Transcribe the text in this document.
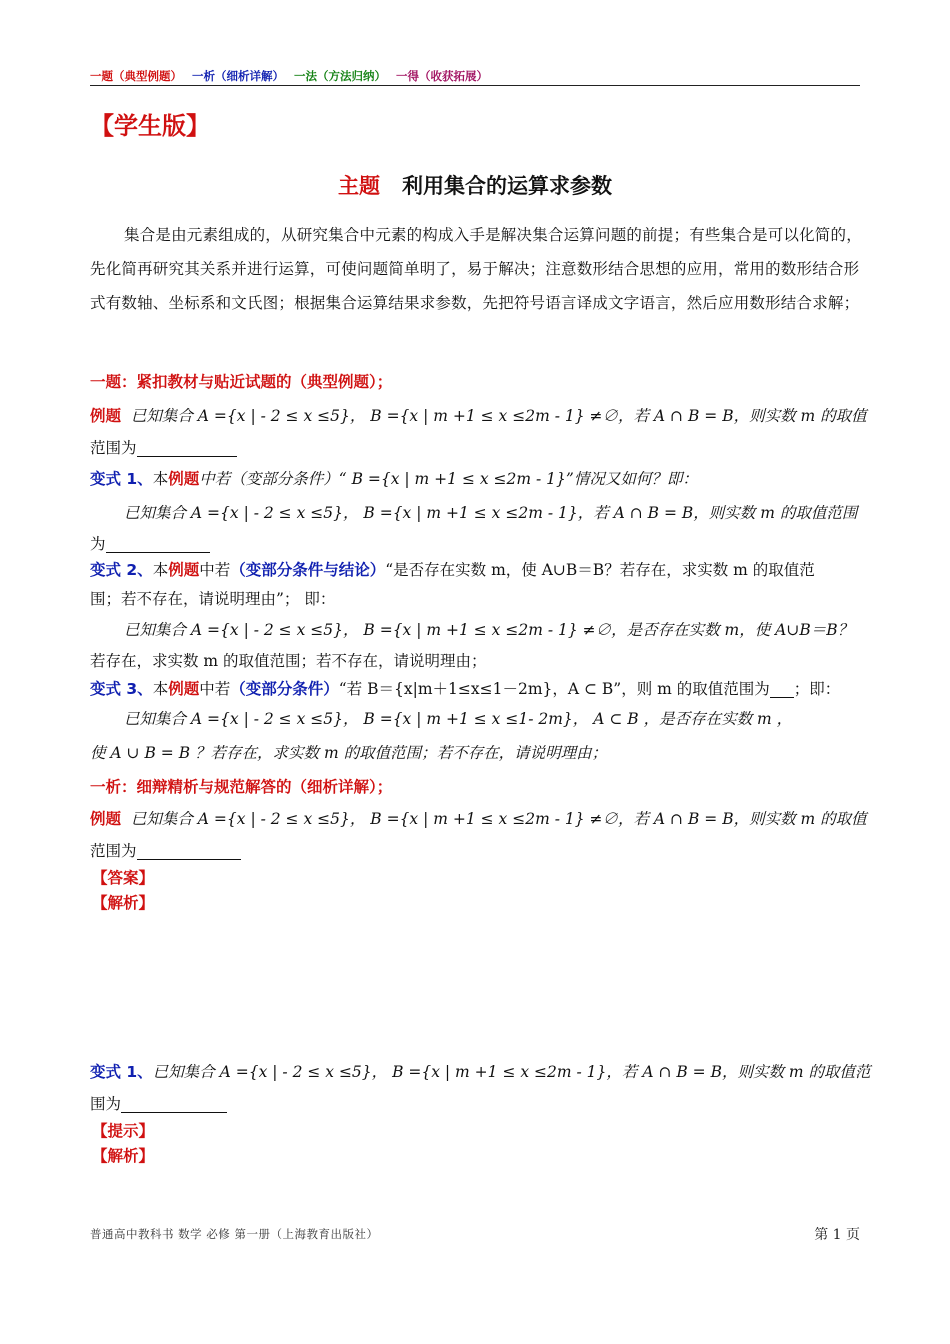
一题（典型例题） 一析（细析详解） 一法（方法归纳） 一得（收获拓展）
【学生版】
主题 利用集合的运算求参数
集合是由元素组成的，从研究集合中元素的构成入手是解决集合运算问题的前提；有些集合是可以化简的，先化简再研究其关系并进行运算，可使问题简单明了，易于解决；注意数形结合思想的应用，常用的数形结合形式有数轴、坐标系和文氏图；根据集合运算结果求参数，先把符号语言译成文字语言，然后应用数形结合求解；
一题：紧扣教材与贴近试题的（典型例题）；
例题 已知集合 A ={x | - 2 ≤ x ≤5}， B ={x | m +1 ≤ x ≤2m - 1} ≠∅，若 A ∩ B = B，则实数 m 的取值
范围为
变式 1、本例题中若（变部分条件）“ B ={x | m +1 ≤ x ≤2m - 1}”情况又如何？即：
已知集合 A ={x | - 2 ≤ x ≤5}， B ={x | m +1 ≤ x ≤2m - 1}，若 A ∩ B = B，则实数 m 的取值范围
为
变式 2、本例题中若（变部分条件与结论）“是否存在实数 m，使 A∪B＝B？若存在，求实数 m 的取值范
围；若不存在，请说明理由”； 即：
已知集合 A ={x | - 2 ≤ x ≤5}， B ={x | m +1 ≤ x ≤2m - 1} ≠∅，是否存在实数 m，使 A∪B＝B？
若存在，求实数 m 的取值范围；若不存在，请说明理由；
变式 3、本例题中若（变部分条件）“若 B＝{x|m＋1≤x≤1－2m}，A ⊂ B”，则 m 的取值范围为 ；即：
已知集合 A ={x | - 2 ≤ x ≤5}， B ={x | m +1 ≤ x ≤1- 2m}， A ⊂ B ，是否存在实数 m ，
使 A ∪ B = B ？若存在，求实数 m 的取值范围；若不存在，请说明理由；
一析：细辩精析与规范解答的（细析详解）；
例题 已知集合 A ={x | - 2 ≤ x ≤5}， B ={x | m +1 ≤ x ≤2m - 1} ≠∅，若 A ∩ B = B，则实数 m 的取值
范围为
【答案】
【解析】
变式 1、已知集合 A ={x | - 2 ≤ x ≤5}， B ={x | m +1 ≤ x ≤2m - 1}，若 A ∩ B = B，则实数 m 的取值范
围为
【提示】
【解析】
普通高中教科书 数学 必修 第一册（上海教育出版社）	第 1 页
